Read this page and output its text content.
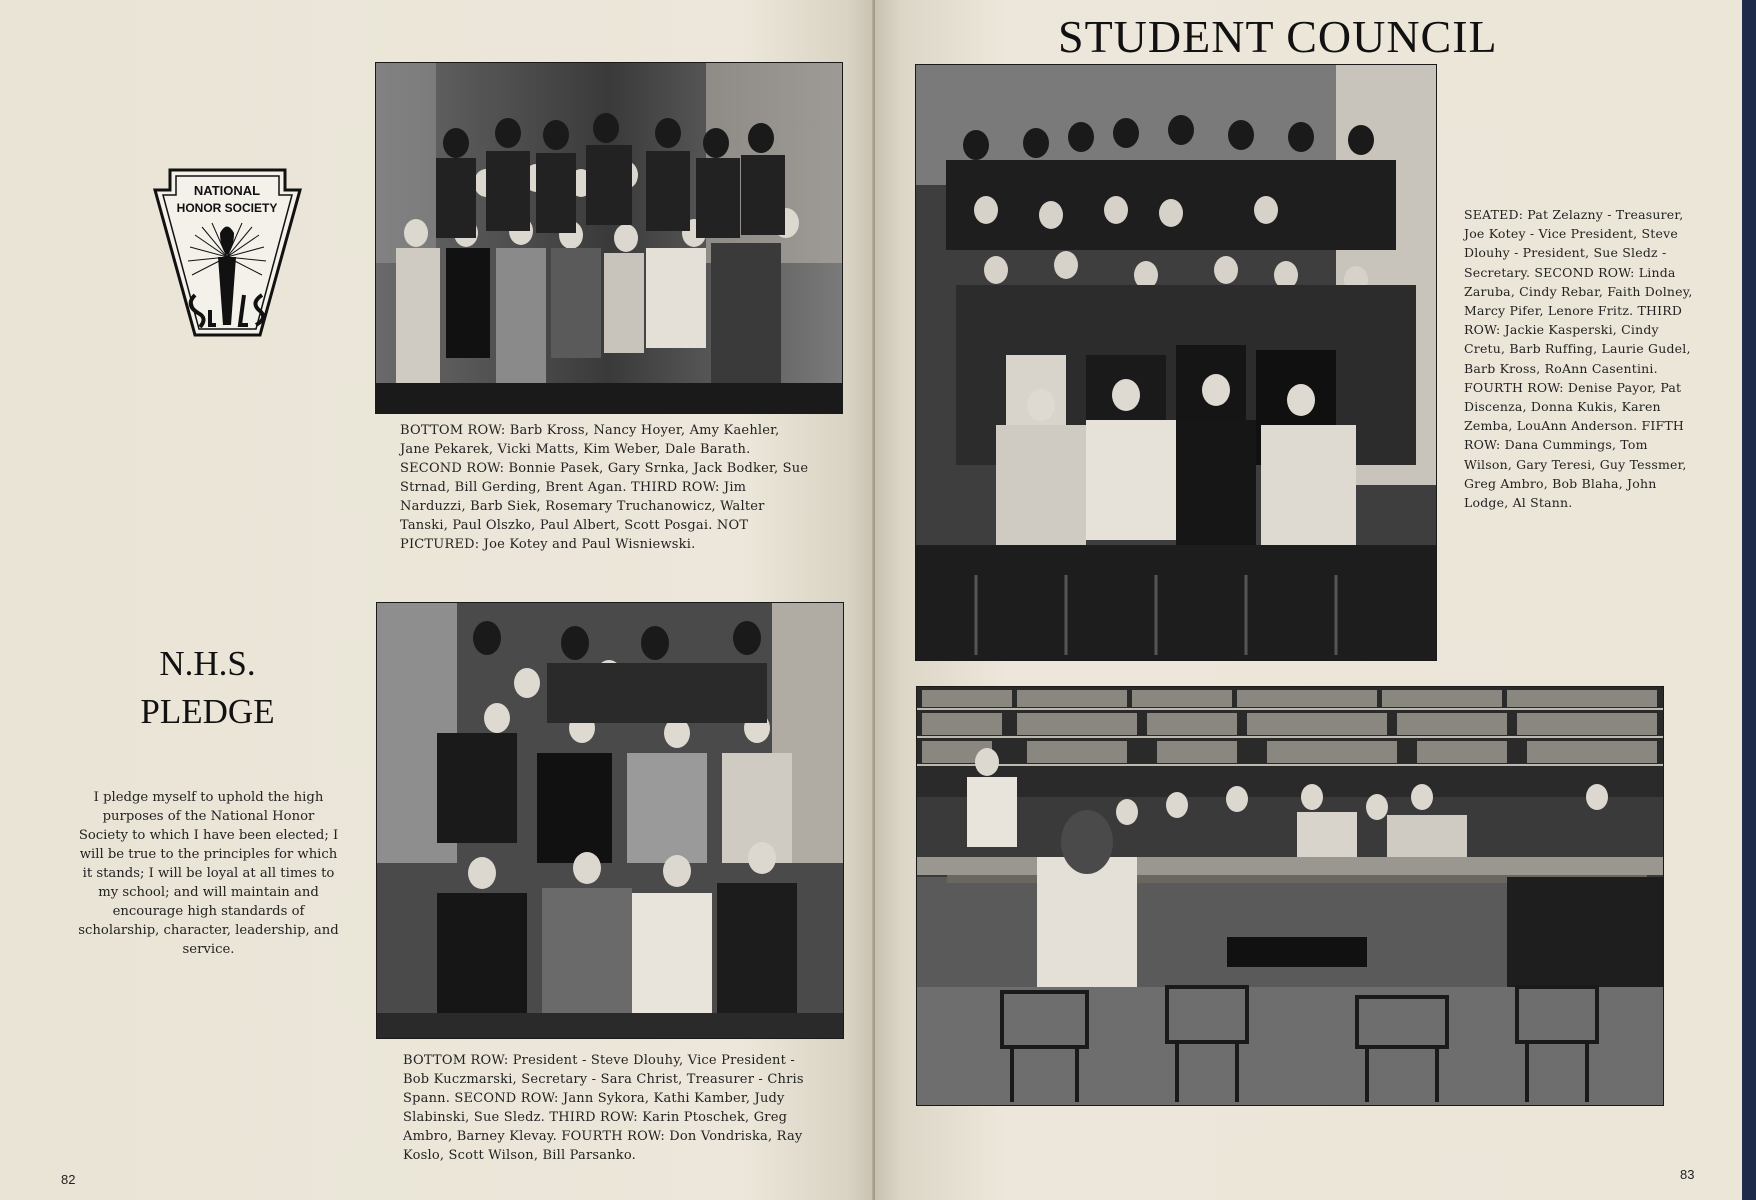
NATIONAL
HONOR SOCIETY
BOTTOM ROW: Barb Kross, Nancy Hoyer, Amy Kaehler, Jane Pekarek, Vicki Matts, Kim Weber, Dale Barath. SECOND ROW: Bonnie Pasek, Gary Srnka, Jack Bodker, Sue Strnad, Bill Gerding, Brent Agan. THIRD ROW: Jim Narduzzi, Barb Siek, Rosemary Truchanowicz, Walter Tanski, Paul Olszko, Paul Albert, Scott Posgai. NOT PICTURED: Joe Kotey and Paul Wisniewski.
N.H.S.
PLEDGE
I pledge myself to uphold the high purposes of the National Honor Society to which I have been elected; I will be true to the principles for which it stands; I will be loyal at all times to my school; and will maintain and encourage high standards of scholarship, character, leadership, and service.
BOTTOM ROW: President - Steve Dlouhy, Vice President - Bob Kuczmarski, Secretary - Sara Christ, Treasurer - Chris Spann. SECOND ROW: Jann Sykora, Kathi Kamber, Judy Slabinski, Sue Sledz. THIRD ROW: Karin Ptoschek, Greg Ambro, Barney Klevay. FOURTH ROW: Don Vondriska, Ray Koslo, Scott Wilson, Bill Parsanko.
82
STUDENT COUNCIL
SEATED: Pat Zelazny - Treasurer, Joe Kotey - Vice President, Steve Dlouhy - President, Sue Sledz - Secretary. SECOND ROW: Linda Zaruba, Cindy Rebar, Faith Dolney, Marcy Pifer, Lenore Fritz. THIRD ROW: Jackie Kasperski, Cindy Cretu, Barb Ruffing, Laurie Gudel, Barb Kross, RoAnn Casentini. FOURTH ROW: Denise Payor, Pat Discenza, Donna Kukis, Karen Zemba, LouAnn Anderson. FIFTH ROW: Dana Cummings, Tom Wilson, Gary Teresi, Guy Tessmer, Greg Ambro, Bob Blaha, John Lodge, Al Stann.
83
